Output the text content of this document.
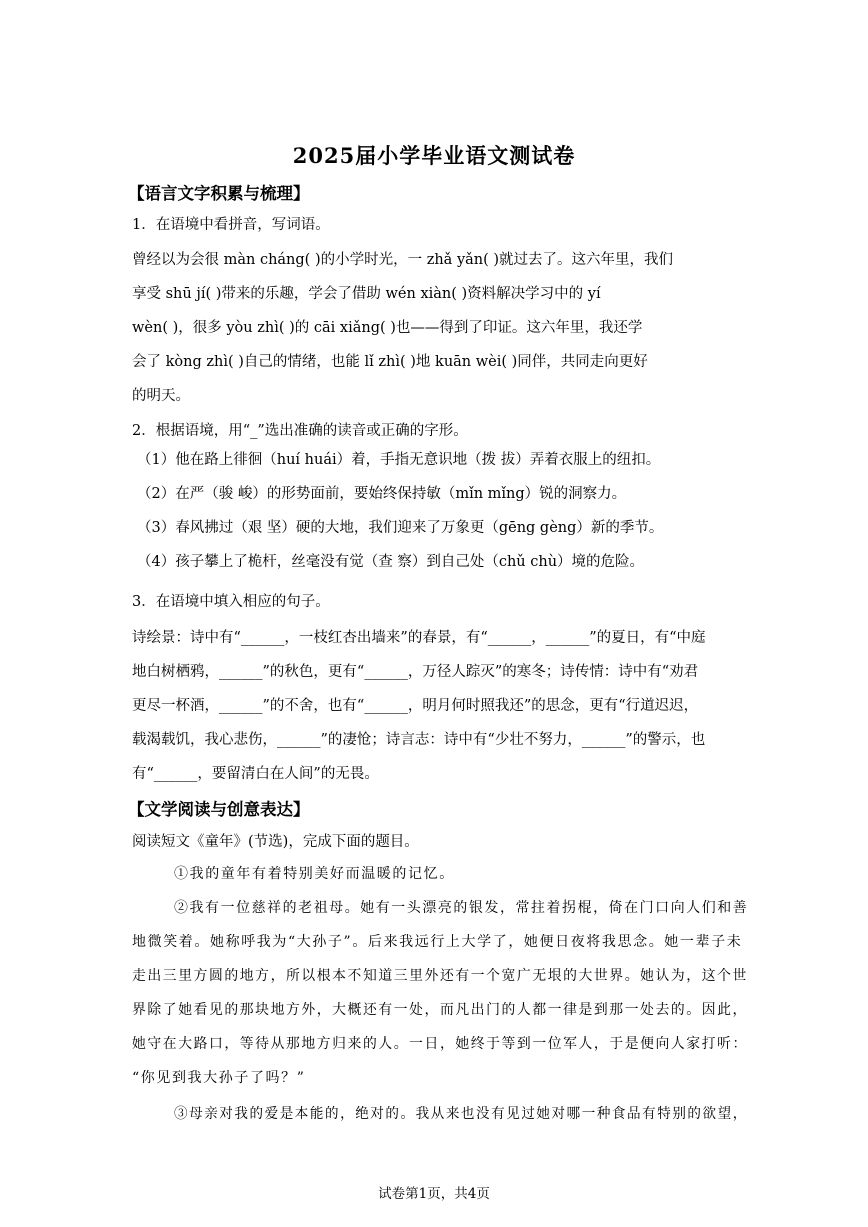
2025届小学毕业语文测试卷
【语言文字积累与梳理】
1．在语境中看拼音，写词语。
曾经以为会很 màn cháng( )的小学时光，一 zhǎ yǎn( )就过去了。这六年里，我们
享受 shū jí( )带来的乐趣，学会了借助 wén xiàn( )资料解决学习中的 yí
wèn( )，很多 yòu zhì( )的 cāi xiǎng( )也——得到了印证。这六年里，我还学
会了 kòng zhì( )自己的情绪，也能 lǐ zhì( )地 kuān wèi( )同伴，共同走向更好
的明天。
2．根据语境，用“_”选出准确的读音或正确的字形。
（1）他在路上徘徊（huí huái）着，手指无意识地（拨 拔）弄着衣服上的纽扣。
（2）在严（骏 峻）的形势面前，要始终保持敏（mǐn mǐng）锐的洞察力。
（3）春风拂过（艰 坚）硬的大地，我们迎来了万象更（gēng gèng）新的季节。
（4）孩子攀上了桅杆，丝毫没有觉（查 察）到自己处（chǔ chù）境的危险。
3．在语境中填入相应的句子。
诗绘景：诗中有“______，一枝红杏出墙来”的春景，有“______，______”的夏日，有“中庭
地白树栖鸦，______”的秋色，更有“______，万径人踪灭”的寒冬；诗传情：诗中有“劝君
更尽一杯酒，______”的不舍，也有“______，明月何时照我还”的思念，更有“行道迟迟，
载渴载饥，我心悲伤，______”的凄怆；诗言志：诗中有“少壮不努力，______”的警示，也
有“______，要留清白在人间”的无畏。
【文学阅读与创意表达】
阅读短文《童年》(节选)，完成下面的题目。
①我的童年有着特别美好而温暖的记忆。
②我有一位慈祥的老祖母。她有一头漂亮的银发，常拄着拐棍，倚在门口向人们和善
地微笑着。她称呼我为“大孙子”。后来我远行上大学了，她便日夜将我思念。她一辈子未
走出三里方圆的地方，所以根本不知道三里外还有一个宽广无垠的大世界。她认为，这个世
界除了她看见的那块地方外，大概还有一处，而凡出门的人都一律是到那一处去的。因此，
她守在大路口，等待从那地方归来的人。一日，她终于等到一位军人，于是便向人家打听：
“你见到我大孙子了吗？”
③母亲对我的爱是本能的，绝对的。我从来也没有见过她对哪一种食品有特别的欲望，
试卷第1页，共4页
